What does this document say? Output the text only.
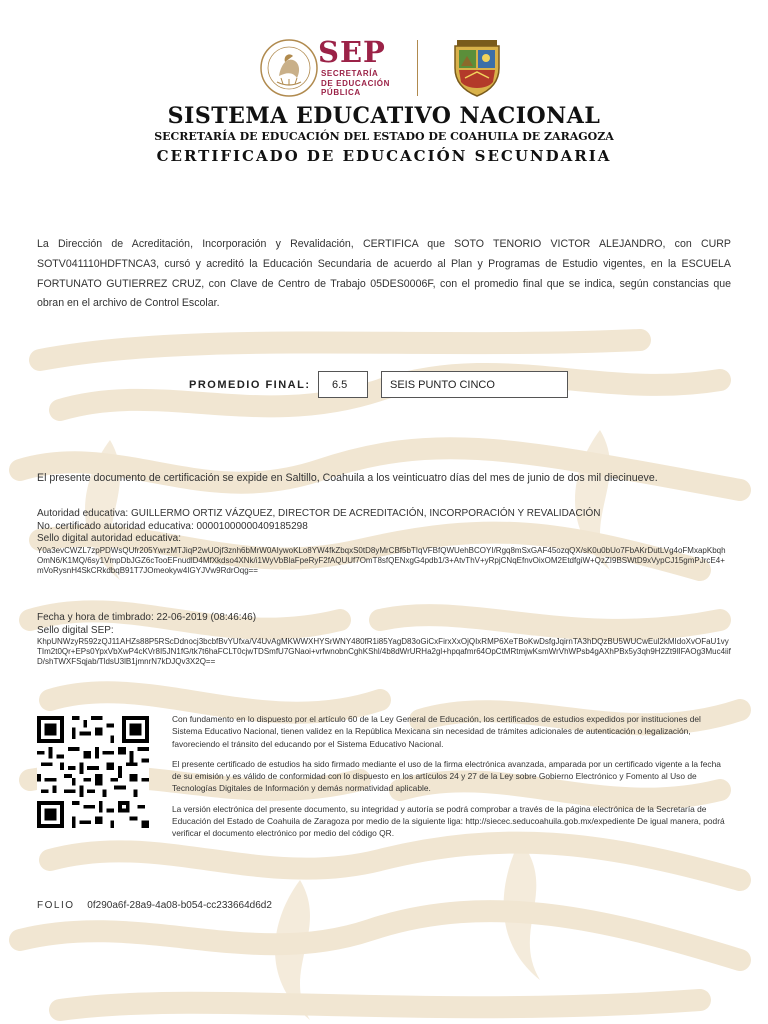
SEP
SECRETARÍA
DE EDUCACIÓN
PÚBLICA
SISTEMA EDUCATIVO NACIONAL
SECRETARÍA DE EDUCACIÓN DEL ESTADO DE COAHUILA DE ZARAGOZA
CERTIFICADO DE EDUCACIÓN SECUNDARIA
La Dirección de Acreditación, Incorporación y Revalidación, CERTIFICA que SOTO TENORIO VICTOR ALEJANDRO, con CURP SOTV041110HDFTNCA3, cursó y acreditó la Educación Secundaria de acuerdo al Plan y Programas de Estudio vigentes, en la ESCUELA FORTUNATO GUTIERREZ CRUZ, con Clave de Centro de Trabajo 05DES0006F, con el promedio final que se indica, según constancias que obran en el archivo de Control Escolar.
PROMEDIO FINAL:	6.5	SEIS PUNTO CINCO
El presente documento de certificación se expide en Saltillo, Coahuila a los veinticuatro días del mes de junio de dos mil diecinueve.
Autoridad educativa: GUILLERMO ORTIZ VÁZQUEZ, DIRECTOR DE ACREDITACIÓN, INCORPORACIÓN Y REVALIDACIÓN
No. certificado autoridad educativa: 00001000000409185298
Sello digital autoridad educativa:
Y0a3evCWZL7zpPDWsQUfr205YwrzMTJiqP2wUOjf3znh6bMrW0AIywoKLo8YW4fkZbqxS0tD8yMrCBf5bTIqVFBfQWUehBCOYI/Rgq8mSxGAF45ozqQX/sK0u0bUo7FbAKrDutLVg4oFMxapKbqhOmN6/K1MQ/6sy1VmpDbJGZ6cTooEFnudlD4MfXkdso4XNk/i1WyVbBlaFpeRyF2fAQUUf7OmT8sfQENxgG4pdb1/3+AtvThV+yRpjCNqEfnvOixOM2EtdfgiW+QzZI9BSWtD9xVypCJ15gmPJrcE4+mVoRysnH4SkCRkdbqB91T7JOmeokyw4IGYJVw9RdrOqg==
Fecha y hora de timbrado: 22-06-2019 (08:46:46)
Sello digital SEP:
KhpUNWzyR592zQJ11AHZs88P5RScDdnocj3bcbfBvYUfxa/V4UvAgMKWWXHYSrWNY480fR1i85YagD83oGiCxFirxXxOjQIxRMP6XeTBoKwDsfgJqirnTA3hDQzBU5WUCwEul2kMIdoXvOFaU1vyTIm2t0Qr+EPs0YpxVbXwP4cKVr8I5JN1fG/tk7t6haFCLT0cjwTDSmfU7GNaoi+vrfwnobnCghKShl/4b8dWrURHa2gl+hpqafmr64OpCtMRtmjwKsmWrVhWPsb4gAXhPBx5y3qh9H2Zt9IlFAOg3Muc4iifD/shTWXFSqjab/TldsU3lB1jmnrN7kDJQv3X2Q==

Con fundamento en lo dispuesto por el artículo 60 de la Ley General de Educación, los certificados de estudios expedidos por instituciones del Sistema Educativo Nacional, tienen validez en la República Mexicana sin necesidad de trámites adicionales de autenticación o legalización, favoreciendo el tránsito del educando por el Sistema Educativo Nacional.

El presente certificado de estudios ha sido firmado mediante el uso de la firma electrónica avanzada, amparada por un certificado vigente a la fecha de su emisión y es válido de conformidad con lo dispuesto en los artículos 24 y 27 de la Ley sobre Gobierno Electrónico y Fomento al Uso de Tecnologías Digitales de Información y demás normatividad aplicable.

La versión electrónica del presente documento, su integridad y autoría se podrá comprobar a través de la página electrónica de la Secretaría de Educación del Estado de Coahuila de Zaragoza por medio de la siguiente liga: http://siecec.seducoahuila.gob.mx/expediente De igual manera, podrá verificar el documento electrónico por medio del código QR.

FOLIO 0f290a6f-28a9-4a08-b054-cc233664d6d2
